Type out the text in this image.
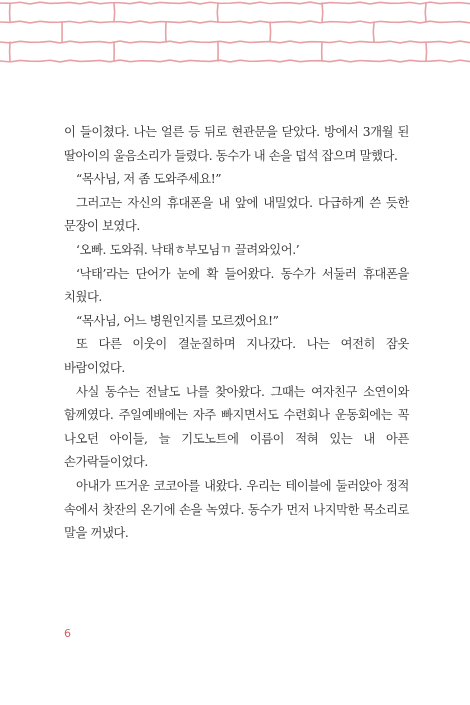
이 들이쳤다. 나는 얼른 등 뒤로 현관문을 닫았다. 방에서 3개월 된 딸아이의 울음소리가 들렸다. 동수가 내 손을 덥석 잡으며 말했다.

“목사님, 저 좀 도와주세요!”

그러고는 자신의 휴대폰을 내 앞에 내밀었다. 다급하게 쓴 듯한 문장이 보였다.

‘오빠. 도와줘. 낙태ㅎ부모님ㄲ 끌려와있어.’

‘낙태’라는 단어가 눈에 확 들어왔다. 동수가 서둘러 휴대폰을 치웠다.

“목사님, 어느 병원인지를 모르겠어요!”

또 다른 이웃이 결눈질하며 지나갔다. 나는 여전히 잠옷 바람이었다.

사실 동수는 전날도 나를 찾아왔다. 그때는 여자친구 소연이와 함께였다. 주일예배에는 자주 빠지면서도 수련회나 운동회에는 꼭 나오던 아이들, 늘 기도노트에 이름이 적혀 있는 내 아픈 손가락들이었다.

아내가 뜨거운 코코아를 내왔다. 우리는 테이블에 둘러앉아 정적 속에서 찻잔의 온기에 손을 녹였다. 동수가 먼저 나지막한 목소리로 말을 꺼냈다.

6
